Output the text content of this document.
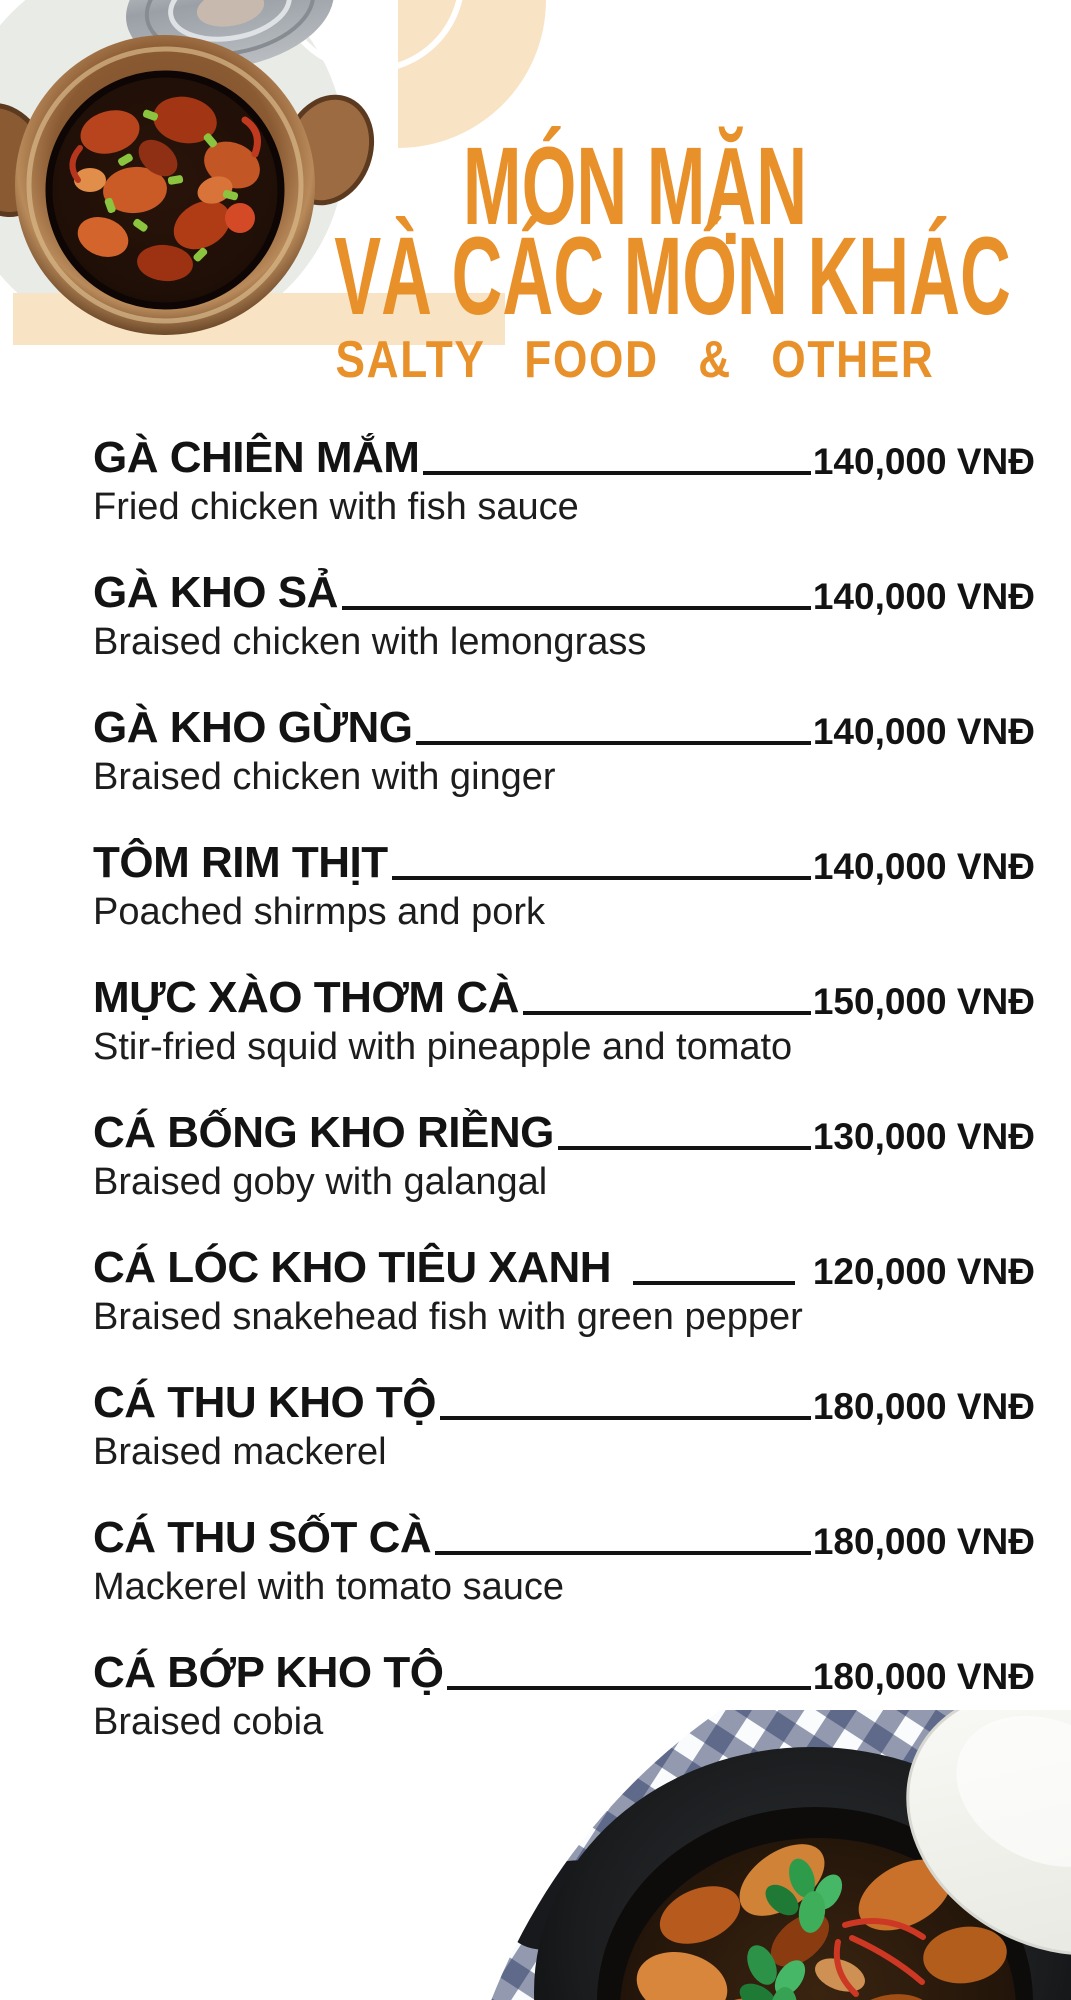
MÓN MẶN
VÀ CÁC MÓN KHÁC
SALTY FOOD & OTHER
GÀ CHIÊN MẮM	140,000 VNĐ
Fried chicken with fish sauce
GÀ KHO SẢ	140,000 VNĐ
Braised chicken with lemongrass
GÀ KHO GỪNG	140,000 VNĐ
Braised chicken with ginger
TÔM RIM THỊT	140,000 VNĐ
Poached shirmps and pork
MỰC XÀO THƠM CÀ	150,000 VNĐ
Stir-fried squid with pineapple and tomato
CÁ BỐNG KHO RIỀNG	130,000 VNĐ
Braised goby with galangal
CÁ LÓC KHO TIÊU XANH	120,000 VNĐ
Braised snakehead fish with green pepper
CÁ THU KHO TỘ	180,000 VNĐ
Braised mackerel
CÁ THU SỐT CÀ	180,000 VNĐ
Mackerel with tomato sauce
CÁ BỚP KHO TỘ	180,000 VNĐ
Braised cobia
